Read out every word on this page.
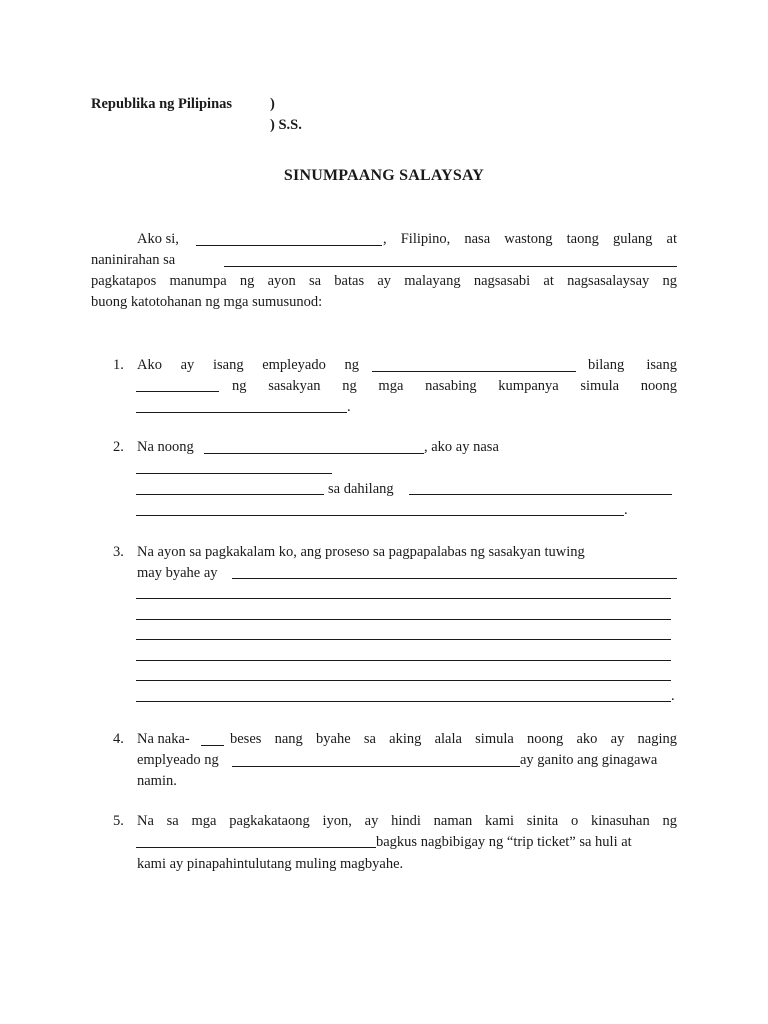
Republika ng Pilipinas	)
) S.S.
SINUMPAANG SALAYSAY
Ako si,	, Filipino, nasa wastong taong gulang at
naninirahan sa
pagkatapos manumpa ng ayon sa batas ay malayang nagsasabi at nagsasalaysay ng
buong katotohanan ng mga sumusunod:
1. Ako ay isang empleyado ng	bilang isang
ng sasakyan ng mga nasabing kumpanya simula noong
.
2. Na noong	, ako ay nasa
sa dahilang
.
3. Na ayon sa pagkakalam ko, ang proseso sa pagpapalabas ng sasakyan tuwing
may byahe ay
.
4. Na naka-	beses nang byahe sa aking alala simula noong ako ay naging
emplyeado ng	ay ganito ang ginagawa
namin.
5. Na sa mga pagkakataong iyon, ay hindi naman kami sinita o kinasuhan ng
bagkus nagbibigay ng “trip ticket” sa huli at
kami ay pinapahintulutang muling magbyahe.
